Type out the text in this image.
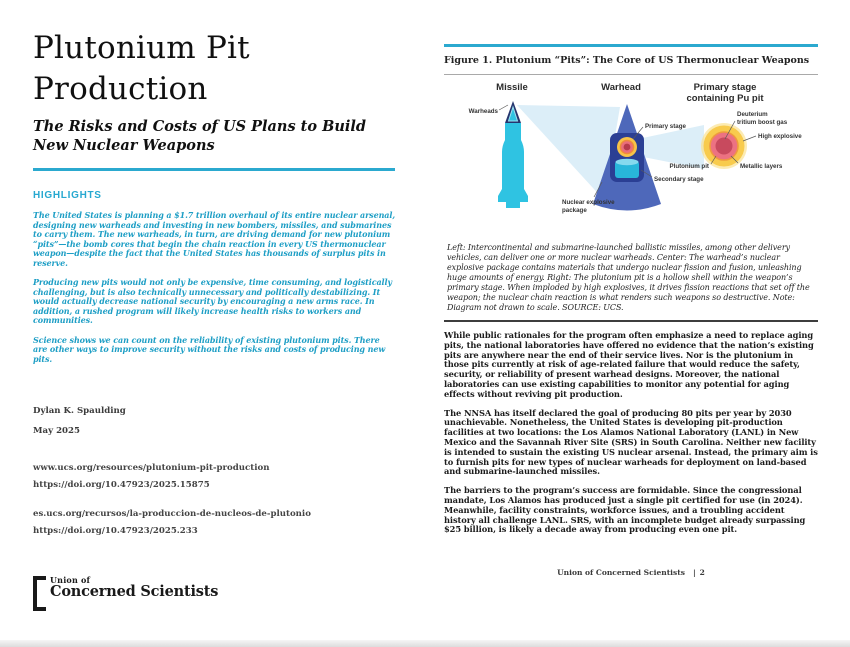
Plutonium Pit
Production

The Risks and Costs of US Plans to Build New Nuclear Weapons

HIGHLIGHTS

The United States is planning a $1.7 trillion overhaul of its entire nuclear arsenal, designing new warheads and investing in new bombers, missiles, and submarines to carry them. The new warheads, in turn, are driving demand for new plutonium “pits”—the bomb cores that begin the chain reaction in every US thermonuclear weapon—despite the fact that the United States has thousands of surplus pits in reserve.

Producing new pits would not only be expensive, time consuming, and logistically challenging, but is also technically unnecessary and politically destabilizing. It would actually decrease national security by encouraging a new arms race. In addition, a rushed program will likely increase health risks to workers and communities.

Science shows we can count on the reliability of existing plutonium pits. There are other ways to improve security without the risks and costs of producing new pits.

Dylan K. Spaulding
May 2025
www.ucs.org/resources/plutonium-pit-production
https://doi.org/10.47923/2025.15875
es.ucs.org/recursos/la-produccion-de-nucleos-de-plutonio
https://doi.org/10.47923/2025.233
Union of
Concerned Scientists
Figure 1. Plutonium “Pits”: The Core of US Thermonuclear Weapons
Missile	Warhead	Primary stage
containing Pu pit
Warheads
Primary stage
Secondary stage
Nuclear explosive
package
Deuterium
tritium boost gas
High explosive
Plutonium pit	Metallic layers

Left: Intercontinental and submarine-launched ballistic missiles, among other delivery vehicles, can deliver one or more nuclear warheads. Center: The warhead’s nuclear explosive package contains materials that undergo nuclear fission and fusion, unleashing huge amounts of energy. Right: The plutonium pit is a hollow shell within the weapon’s primary stage. When imploded by high explosives, it drives fission reactions that set off the weapon; the nuclear chain reaction is what renders such weapons so destructive. Note: Diagram not drawn to scale. SOURCE: UCS.

While public rationales for the program often emphasize a need to replace aging pits, the national laboratories have offered no evidence that the nation’s existing pits are anywhere near the end of their service lives. Nor is the plutonium in those pits currently at risk of age-related failure that would reduce the safety, security, or reliability of present warhead designs. Moreover, the national laboratories can use existing capabilities to monitor any potential for aging effects without reviving pit production.

The NNSA has itself declared the goal of producing 80 pits per year by 2030 unachievable. Nonetheless, the United States is developing pit-production facilities at two locations: the Los Alamos National Laboratory (LANL) in New Mexico and the Savannah River Site (SRS) in South Carolina. Neither new facility is intended to sustain the existing US nuclear arsenal. Instead, the primary aim is to furnish pits for new types of nuclear warheads for deployment on land-based and submarine-launched missiles.

The barriers to the program’s success are formidable. Since the congressional mandate, Los Alamos has produced just a single pit certified for use (in 2024). Meanwhile, facility constraints, workforce issues, and a troubling accident history all challenge LANL. SRS, with an incomplete budget already surpassing $25 billion, is likely a decade away from producing even one pit.

Union of Concerned Scientists | 2
